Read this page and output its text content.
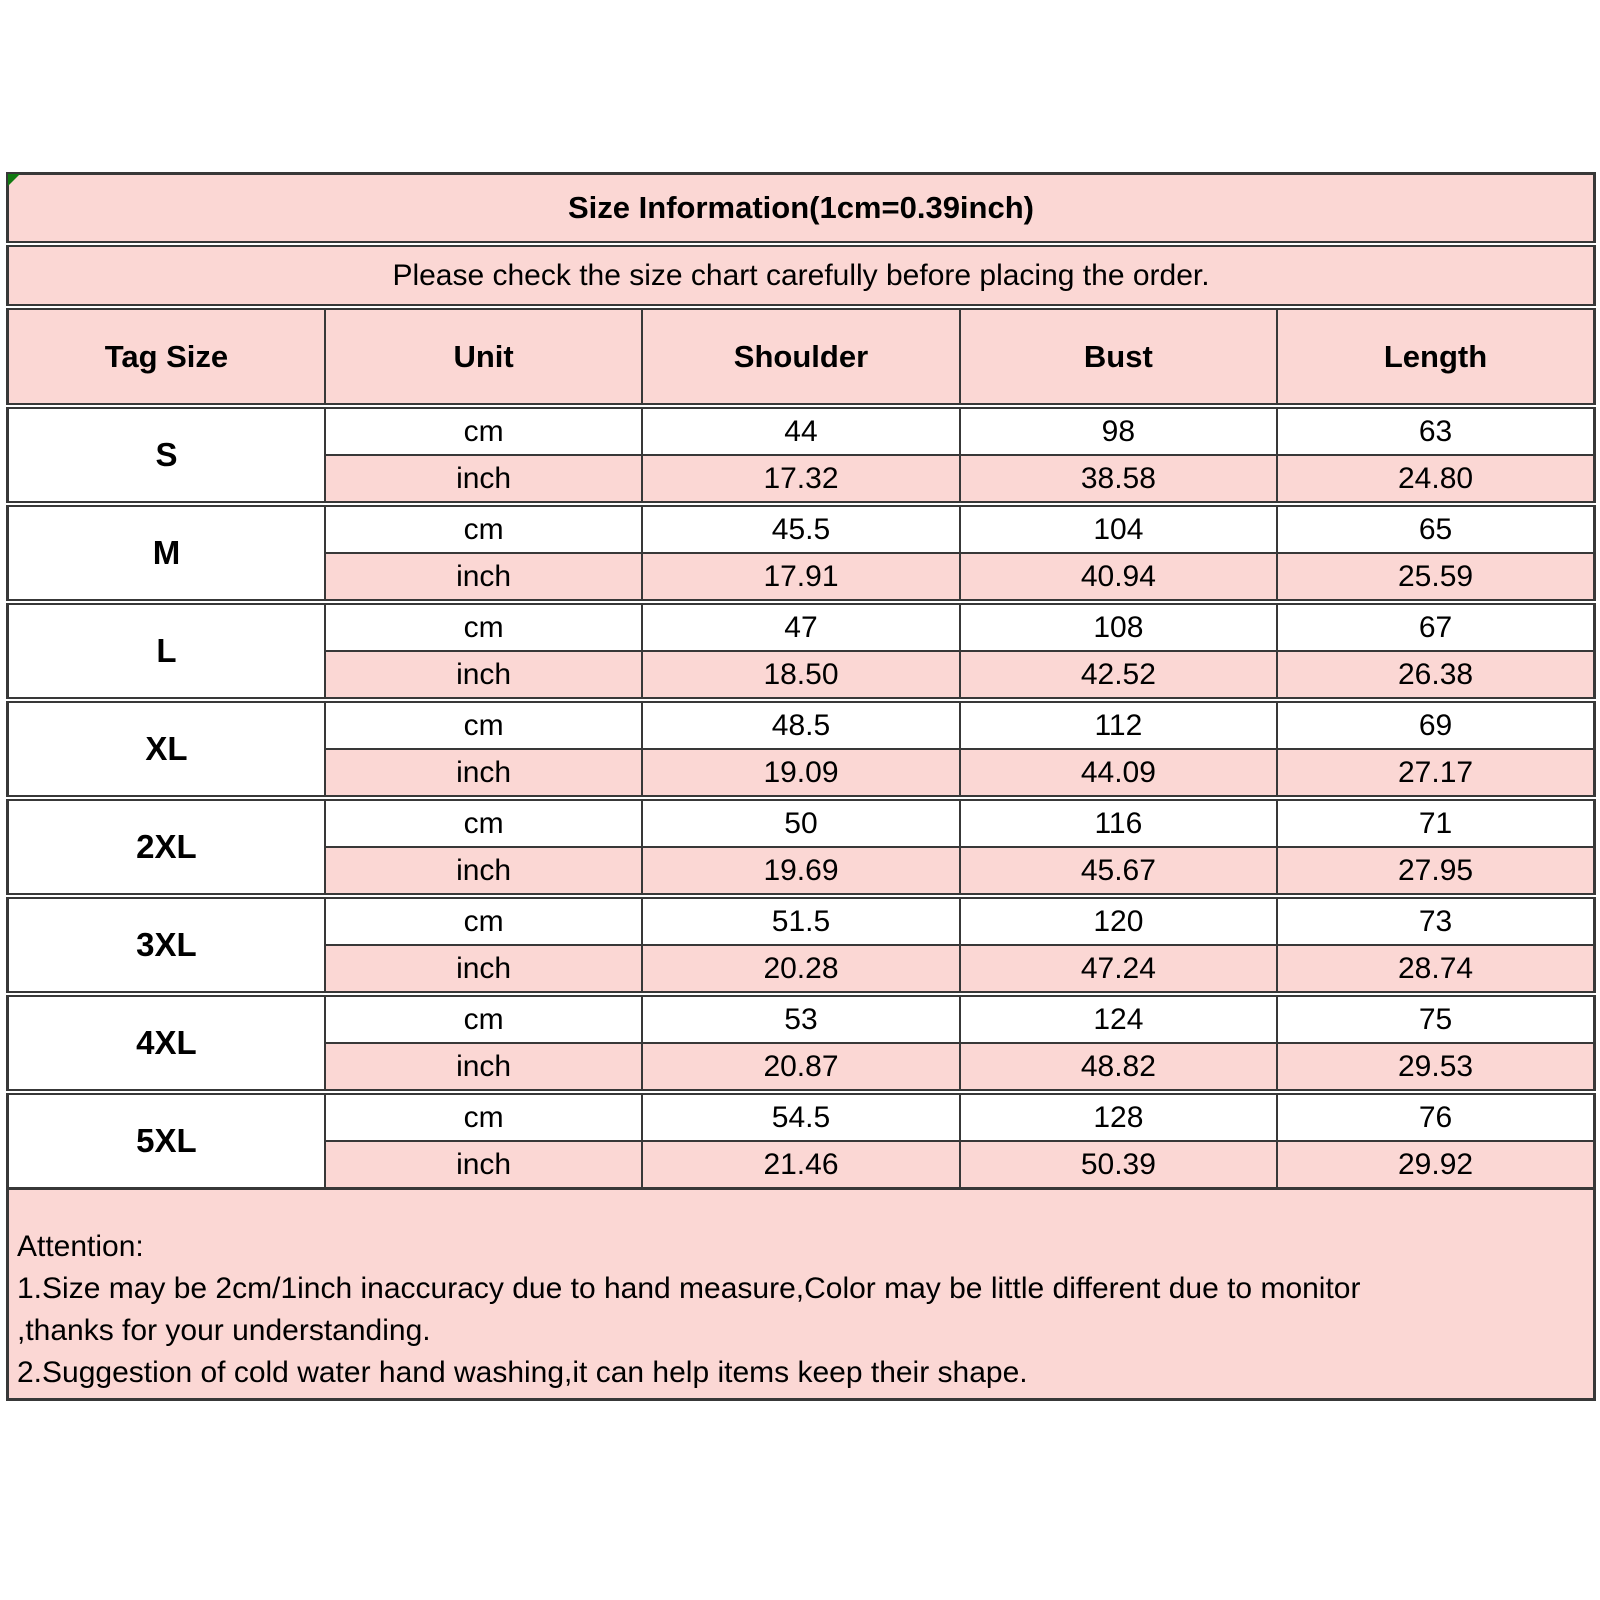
Size Information(1cm=0.39inch)				
Please check the size chart carefully before placing the order.				
Tag Size	Unit	Shoulder	Bust	Length
S	cm	44	98	63
	inch	17.32	38.58	24.80
M	cm	45.5	104	65
	inch	17.91	40.94	25.59
L	cm	47	108	67
	inch	18.50	42.52	26.38
XL	cm	48.5	112	69
	inch	19.09	44.09	27.17
2XL	cm	50	116	71
	inch	19.69	45.67	27.95
3XL	cm	51.5	120	73
	inch	20.28	47.24	28.74
4XL	cm	53	124	75
	inch	20.87	48.82	29.53
5XL	cm	54.5	128	76
	inch	21.46	50.39	29.92
Attention:
1.Size may be 2cm/1inch inaccuracy due to hand measure,Color may be little different due to monitor
,thanks for your understanding.
2.Suggestion of cold water hand washing,it can help items keep their shape.
